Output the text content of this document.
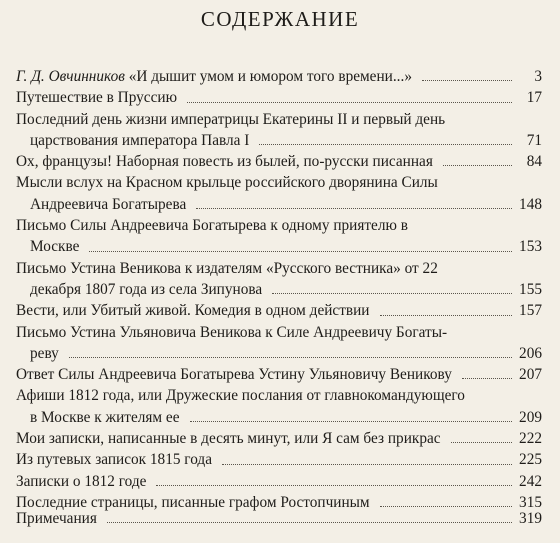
СОДЕРЖАНИЕ
Г. Д. Овчинников «И дышит умом и юмором того времени...»	3
Путешествие в Пруссию	17
Последний день жизни императрицы Екатерины II и первый день
царствования императора Павла I	71
Ох, французы! Наборная повесть из былей, по-русски писанная	84
Мысли вслух на Красном крыльце российского дворянина Силы
Андреевича Богатырева	148
Письмо Силы Андреевича Богатырева к одному приятелю в
Москве	153
Письмо Устина Веникова к издателям «Русского вестника» от 22
декабря 1807 года из села Зипунова	155
Вести, или Убитый живой. Комедия в одном действии	157
Письмо Устина Ульяновича Веникова к Силе Андреевичу Богаты-
реву	206
Ответ Силы Андреевича Богатырева Устину Ульяновичу Веникову	207
Афиши 1812 года, или Дружеские послания от главнокомандующего
в Москве к жителям ее	209
Мои записки, написанные в десять минут, или Я сам без прикрас	222
Из путевых записок 1815 года	225
Записки о 1812 годе	242
Последние страницы, писанные графом Ростопчиным	315
Примечания	319
